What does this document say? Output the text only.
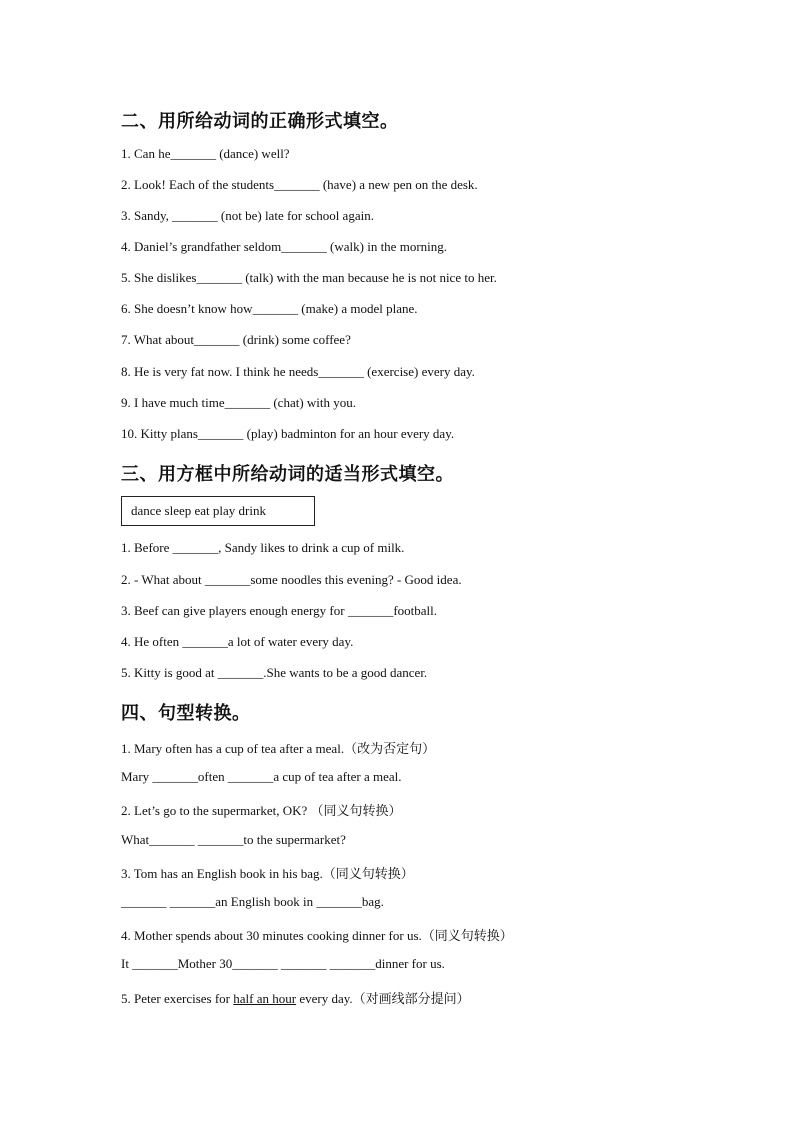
二、用所给动词的正确形式填空。
1. Can he_______ (dance) well?
2. Look! Each of the students_______ (have) a new pen on the desk.
3. Sandy, _______ (not be) late for school again.
4. Daniel’s grandfather seldom_______ (walk) in the morning.
5. She dislikes_______ (talk) with the man because he is not nice to her.
6. She doesn’t know how_______ (make) a model plane.
7. What about_______ (drink) some coffee?
8. He is very fat now. I think he needs_______ (exercise) every day.
9. I have much time_______ (chat) with you.
10. Kitty plans_______ (play) badminton for an hour every day.
三、用方框中所给动词的适当形式填空。
dance sleep eat play drink
1. Before _______, Sandy likes to drink a cup of milk.
2. - What about _______some noodles this evening? - Good idea.
3. Beef can give players enough energy for _______football.
4. He often _______a lot of water every day.
5. Kitty is good at _______.She wants to be a good dancer.
四、句型转换。
1. Mary often has a cup of tea after a meal.（改为否定句）
Mary _______often _______a cup of tea after a meal.
2. Let’s go to the supermarket, OK? （同义句转换）
What_______ _______to the supermarket?
3. Tom has an English book in his bag.（同义句转换）
_______ _______an English book in _______bag.
4. Mother spends about 30 minutes cooking dinner for us.（同义句转换）
It _______Mother 30_______ _______ _______dinner for us.
5. Peter exercises for half an hour every day.（对画线部分提问）
